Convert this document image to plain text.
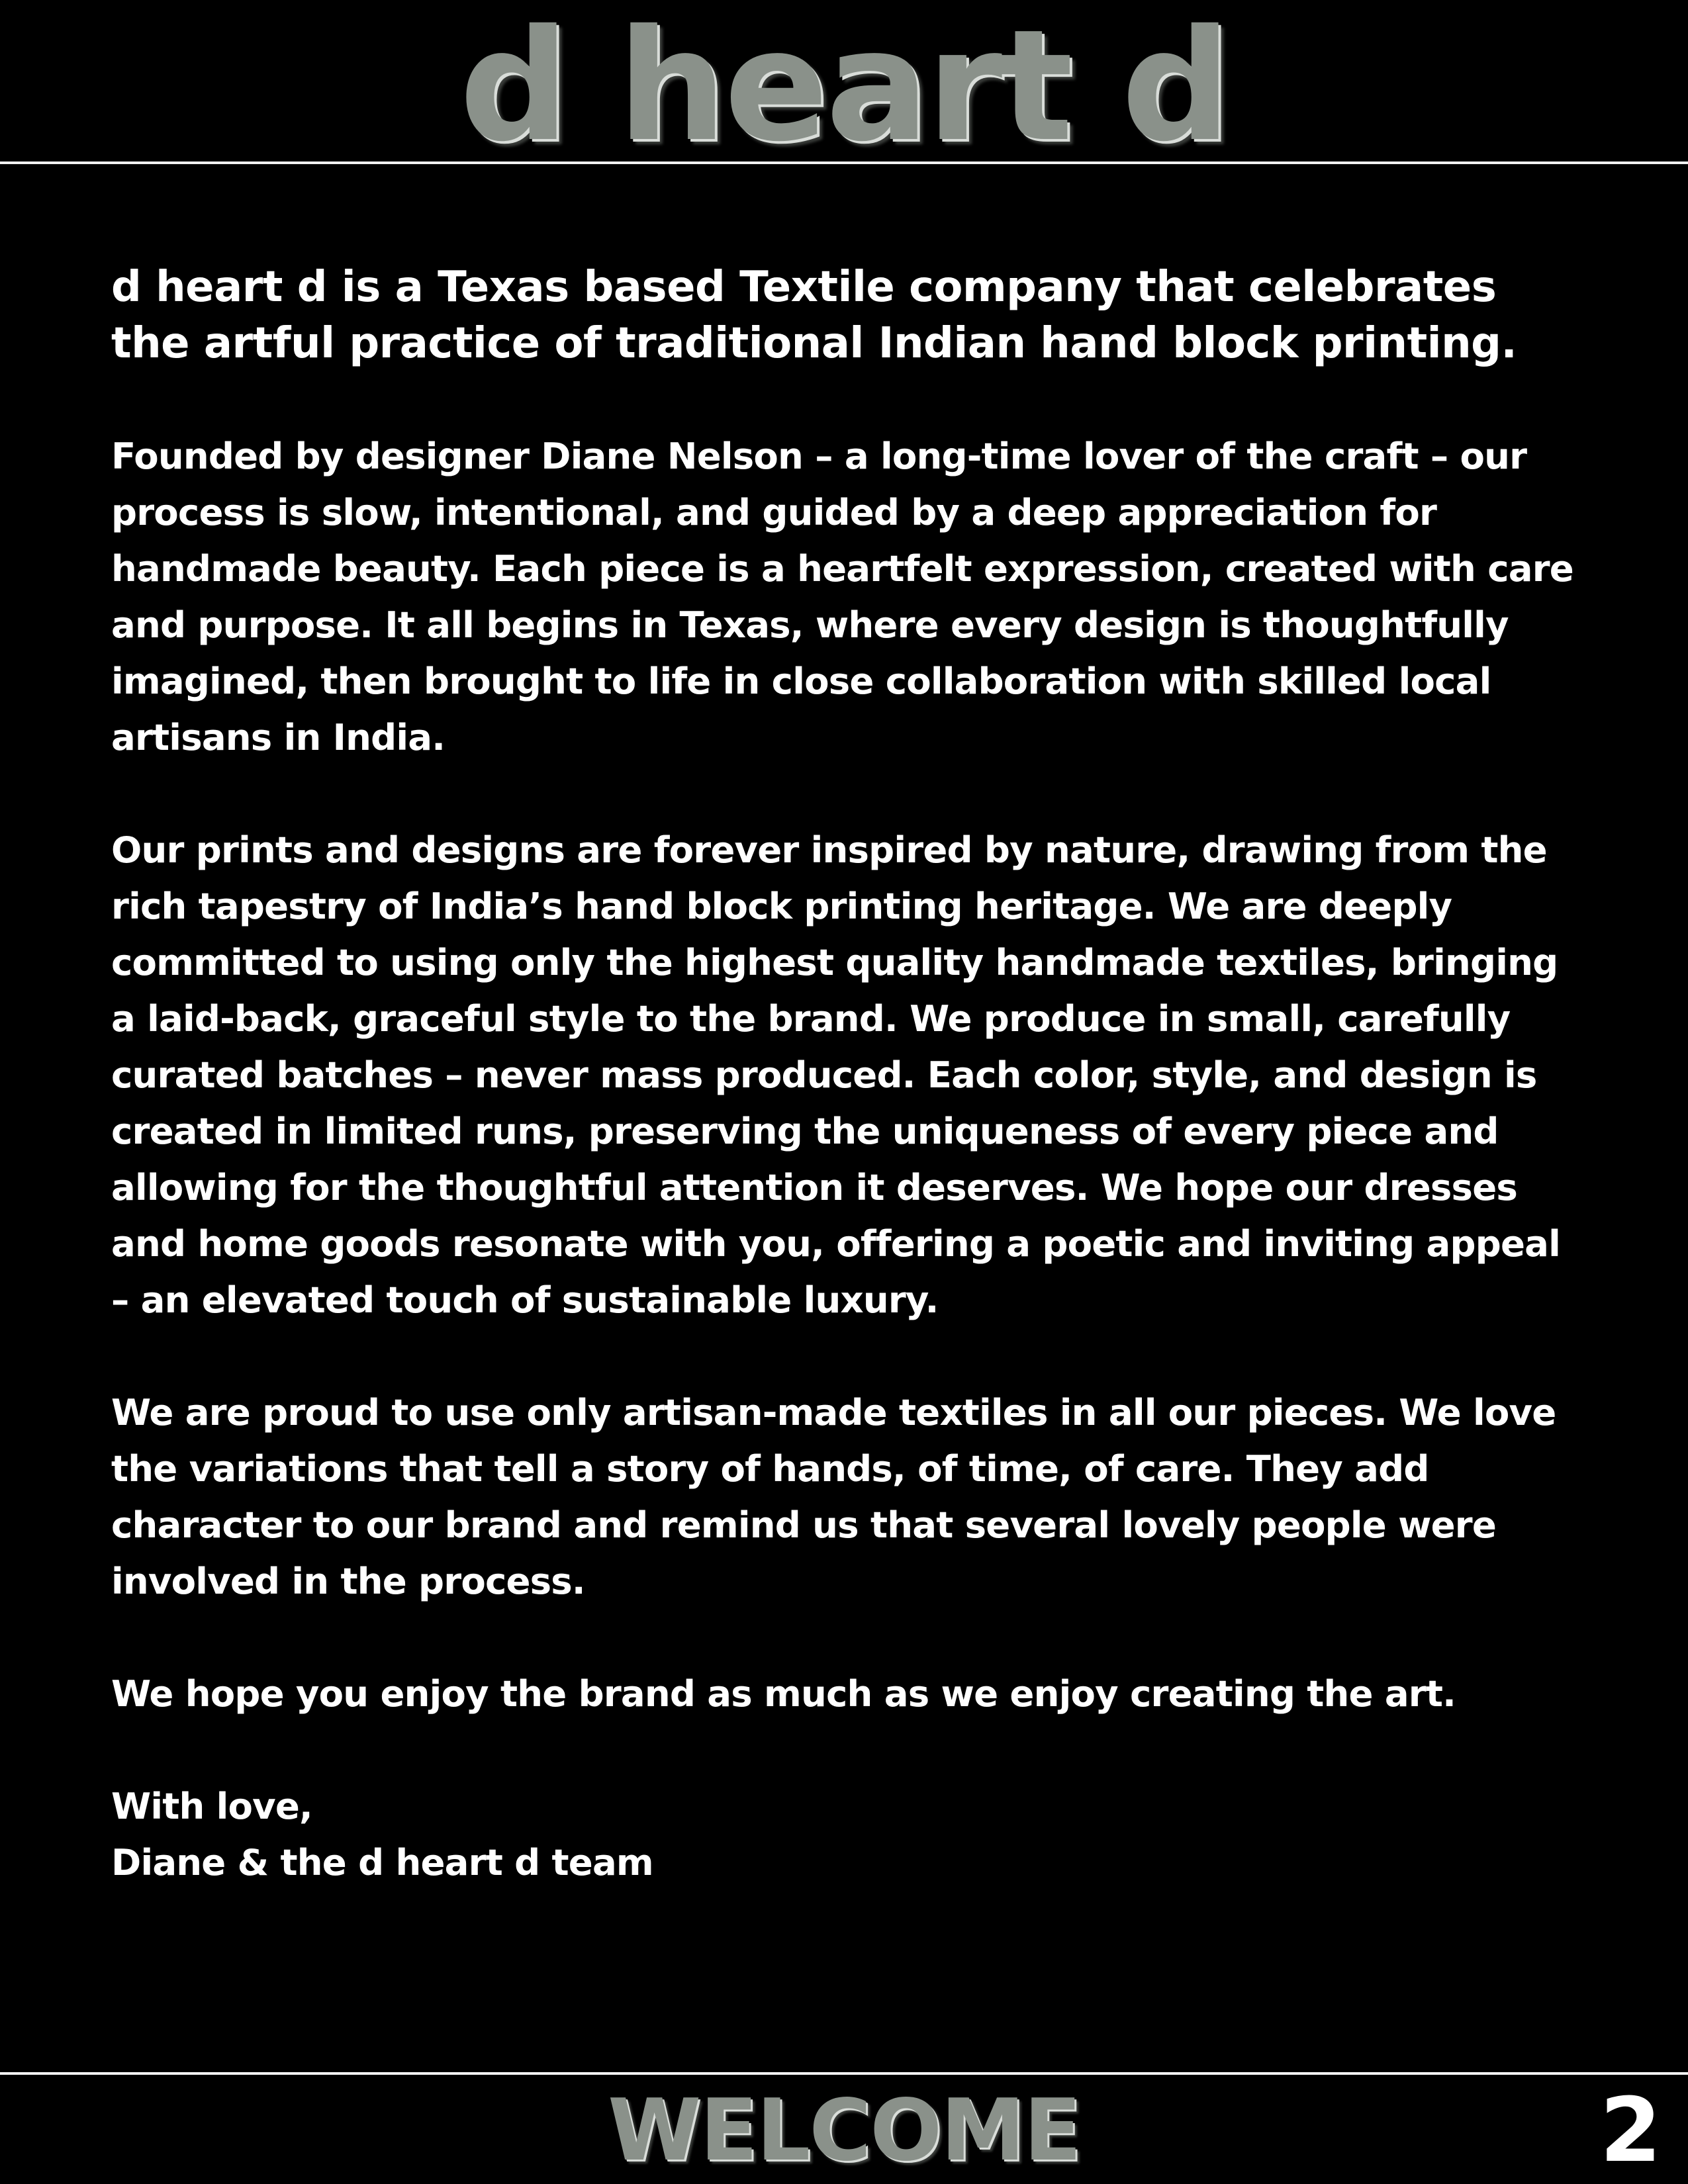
d heart d

d heart d is a Texas based Textile company that celebrates the artful practice of traditional Indian hand block printing.

Founded by designer Diane Nelson – a long-time lover of the craft – our process is slow, intentional, and guided by a deep appreciation for handmade beauty. Each piece is a heartfelt expression, created with care and purpose. It all begins in Texas, where every design is thoughtfully imagined, then brought to life in close collaboration with skilled local artisans in India.

Our prints and designs are forever inspired by nature, drawing from the rich tapestry of India’s hand block printing heritage. We are deeply committed to using only the highest quality handmade textiles, bringing a laid-back, graceful style to the brand. We produce in small, carefully curated batches – never mass produced. Each color, style, and design is created in limited runs, preserving the uniqueness of every piece and allowing for the thoughtful attention it deserves. We hope our dresses and home goods resonate with you, offering a poetic and inviting appeal – an elevated touch of sustainable luxury.

We are proud to use only artisan-made textiles in all our pieces. We love the variations that tell a story of hands, of time, of care. They add character to our brand and remind us that several lovely people were involved in the process.

We hope you enjoy the brand as much as we enjoy creating the art.

With love,
Diane & the d heart d team

WELCOME	2
